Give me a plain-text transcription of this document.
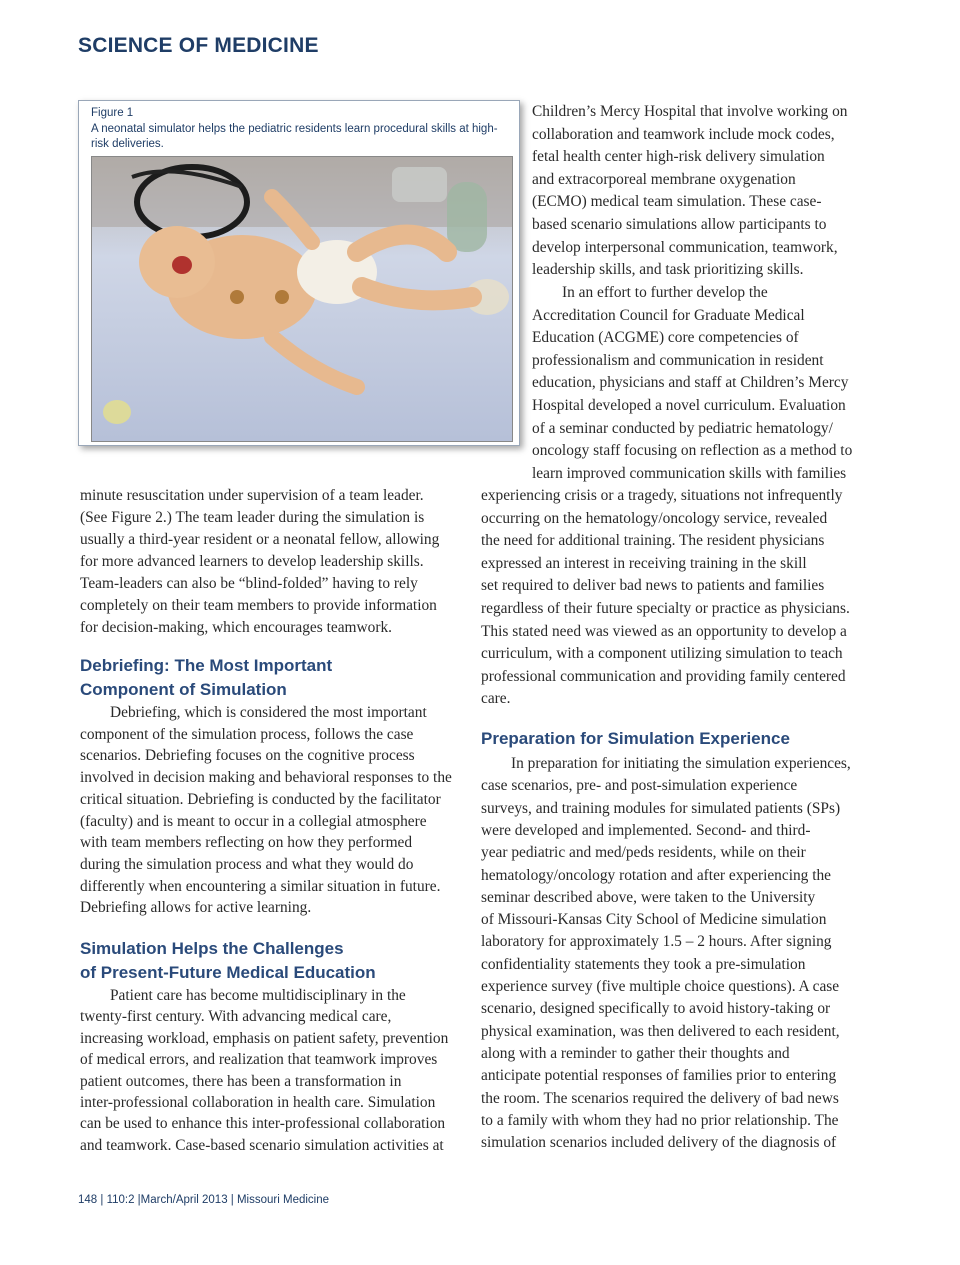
SCIENCE OF MEDICINE
Figure 1
A neonatal simulator helps the pediatric residents learn procedural skills at high-risk deliveries.
minute resuscitation under supervision of a team leader.
(See Figure 2.) The team leader during the simulation is
usually a third-year resident or a neonatal fellow, allowing
for more advanced learners to develop leadership skills.
Team-leaders can also be “blind-folded” having to rely
completely on their team members to provide information
for decision-making, which encourages teamwork.
Debriefing: The Most Important
Component of Simulation
Debriefing, which is considered the most important
component of the simulation process, follows the case
scenarios. Debriefing focuses on the cognitive process
involved in decision making and behavioral responses to the
critical situation. Debriefing is conducted by the facilitator
(faculty) and is meant to occur in a collegial atmosphere
with team members reflecting on how they performed
during the simulation process and what they would do
differently when encountering a similar situation in future.
Debriefing allows for active learning.
Simulation Helps the Challenges
of Present-Future Medical Education
Patient care has become multidisciplinary in the
twenty-first century. With advancing medical care,
increasing workload, emphasis on patient safety, prevention
of medical errors, and realization that teamwork improves
patient outcomes, there has been a transformation in
inter-professional collaboration in health care. Simulation
can be used to enhance this inter-professional collaboration
and teamwork. Case-based scenario simulation activities at
Children’s Mercy Hospital that involve working on
collaboration and teamwork include mock codes,
fetal health center high-risk delivery simulation
and extracorporeal membrane oxygenation
(ECMO) medical team simulation. These case-
based scenario simulations allow participants to
develop interpersonal communication, teamwork,
leadership skills, and task prioritizing skills.
In an effort to further develop the
Accreditation Council for Graduate Medical
Education (ACGME) core competencies of
professionalism and communication in resident
education, physicians and staff at Children’s Mercy
Hospital developed a novel curriculum. Evaluation
of a seminar conducted by pediatric hematology/
oncology staff focusing on reflection as a method to
learn improved communication skills with families
experiencing crisis or a tragedy, situations not infrequently
occurring on the hematology/oncology service, revealed
the need for additional training. The resident physicians
expressed an interest in receiving training in the skill
set required to deliver bad news to patients and families
regardless of their future specialty or practice as physicians.
This stated need was viewed as an opportunity to develop a
curriculum, with a component utilizing simulation to teach
professional communication and providing family centered
care.
Preparation for Simulation Experience
In preparation for initiating the simulation experiences,
case scenarios, pre- and post-simulation experience
surveys, and training modules for simulated patients (SPs)
were developed and implemented. Second- and third-
year pediatric and med/peds residents, while on their
hematology/oncology rotation and after experiencing the
seminar described above, were taken to the University
of Missouri-Kansas City School of Medicine simulation
laboratory for approximately 1.5 – 2 hours. After signing
confidentiality statements they took a pre-simulation
experience survey (five multiple choice questions). A case
scenario, designed specifically to avoid history-taking or
physical examination, was then delivered to each resident,
along with a reminder to gather their thoughts and
anticipate potential responses of families prior to entering
the room. The scenarios required the delivery of bad news
to a family with whom they had no prior relationship. The
simulation scenarios included delivery of the diagnosis of
148 | 110:2 |March/April 2013 | Missouri Medicine
